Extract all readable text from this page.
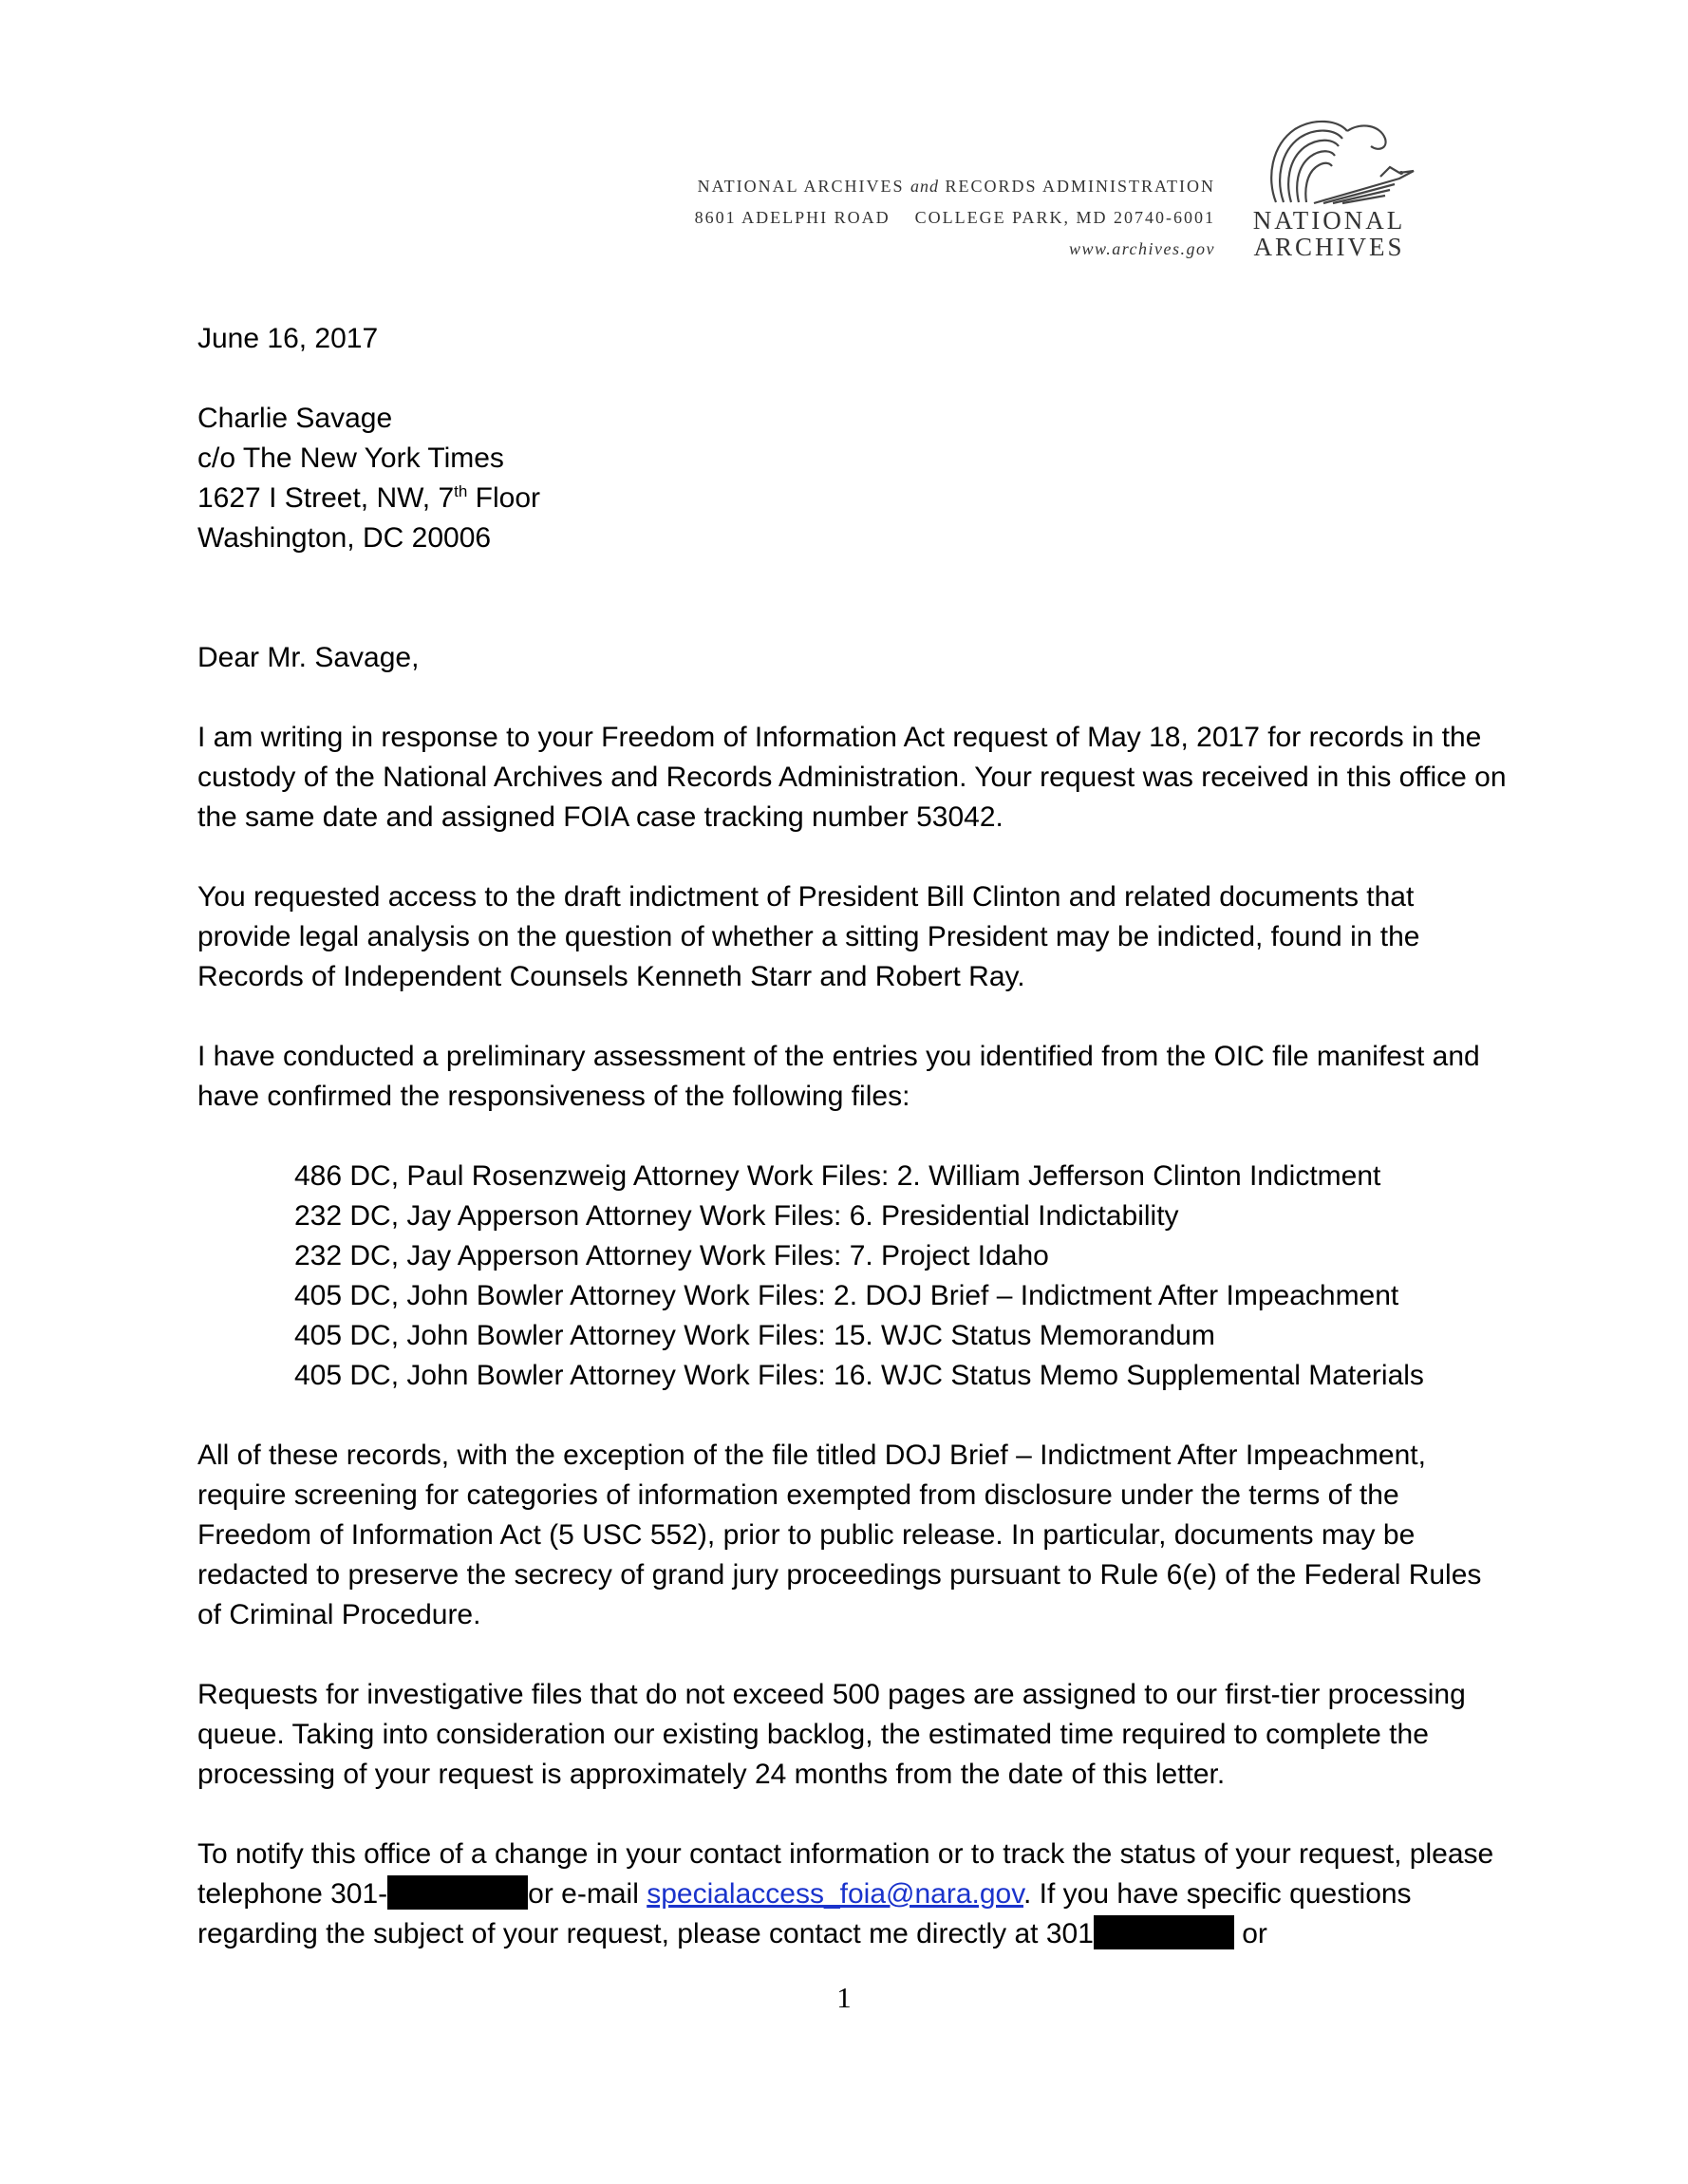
NATIONAL ARCHIVES and RECORDS ADMINISTRATION
8601 ADELPHI ROAD    COLLEGE PARK, MD 20740-6001
www.archives.gov
NATIONAL
ARCHIVES

June 16, 2017

Charlie Savage

c/o The New York Times

1627 I Street, NW, 7th Floor

Washington, DC 20006

Dear Mr. Savage,

I am writing in response to your Freedom of Information Act request of May 18, 2017 for records in the custody of the National Archives and Records Administration. Your request was received in this office on the same date and assigned FOIA case tracking number 53042.

You requested access to the draft indictment of President Bill Clinton and related documents that provide legal analysis on the question of whether a sitting President may be indicted, found in the Records of Independent Counsels Kenneth Starr and Robert Ray.

I have conducted a preliminary assessment of the entries you identified from the OIC file manifest and have confirmed the responsiveness of the following files:

486 DC, Paul Rosenzweig Attorney Work Files: 2. William Jefferson Clinton Indictment
232 DC, Jay Apperson Attorney Work Files: 6. Presidential Indictability
232 DC, Jay Apperson Attorney Work Files: 7. Project Idaho
405 DC, John Bowler Attorney Work Files: 2. DOJ Brief – Indictment After Impeachment
405 DC, John Bowler Attorney Work Files: 15. WJC Status Memorandum
405 DC, John Bowler Attorney Work Files: 16. WJC Status Memo Supplemental Materials

All of these records, with the exception of the file titled DOJ Brief – Indictment After Impeachment, require screening for categories of information exempted from disclosure under the terms of the Freedom of Information Act (5 USC 552), prior to public release. In particular, documents may be redacted to preserve the secrecy of grand jury proceedings pursuant to Rule 6(e) of the Federal Rules of Criminal Procedure.

Requests for investigative files that do not exceed 500 pages are assigned to our first-tier processing queue. Taking into consideration our existing backlog, the estimated time required to complete the processing of your request is approximately 24 months from the date of this letter.

To notify this office of a change in your contact information or to track the status of your request, please telephone 301-	or e-mail specialaccess_foia@nara.gov. If you have specific questions regarding the subject of your request, please contact me directly at 301	or

1
